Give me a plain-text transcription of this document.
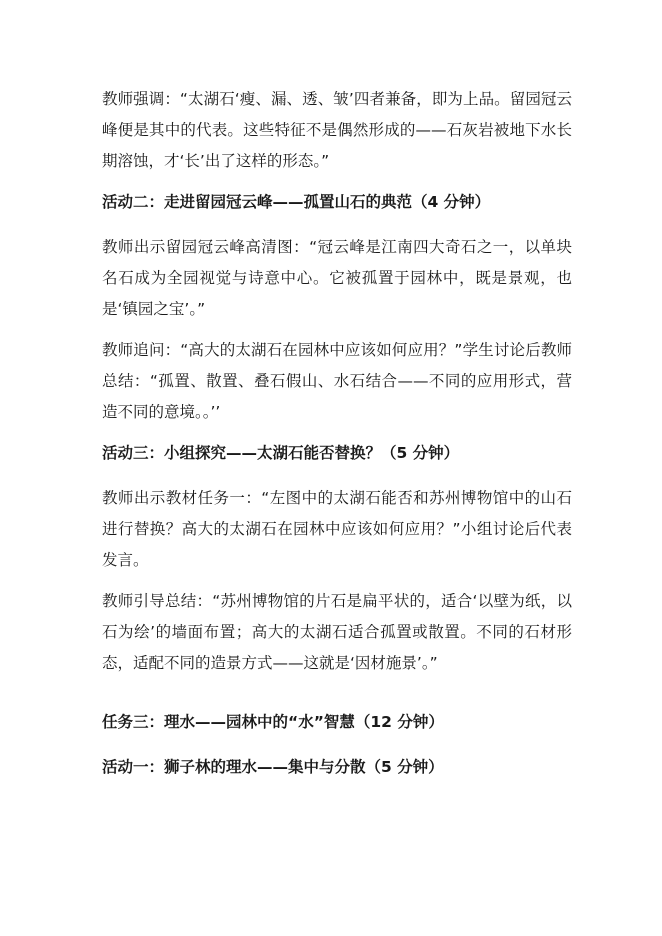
教师强调：“太湖石‘瘦、漏、透、皱’四者兼备，即为上品。留园冠云峰便是其中的代表。这些特征不是偶然形成的——石灰岩被地下水长期溶蚀，才‘长’出了这样的形态。”

活动二：走进留园冠云峰——孤置山石的典范（4 分钟）

教师出示留园冠云峰高清图：“冠云峰是江南四大奇石之一，以单块名石成为全园视觉与诗意中心。它被孤置于园林中，既是景观，也是‘镇园之宝’。”

教师追问：“高大的太湖石在园林中应该如何应用？”学生讨论后教师总结：“孤置、散置、叠石假山、水石结合——不同的应用形式，营造不同的意境。。’’

活动三：小组探究——太湖石能否替换？（5 分钟）

教师出示教材任务一：“左图中的太湖石能否和苏州博物馆中的山石进行替换？高大的太湖石在园林中应该如何应用？”小组讨论后代表发言。

教师引导总结：“苏州博物馆的片石是扁平状的，适合‘以壁为纸，以石为绘’的墙面布置；高大的太湖石适合孤置或散置。不同的石材形态，适配不同的造景方式——这就是‘因材施景’。”

任务三：理水——园林中的“水”智慧（12 分钟）

活动一：狮子林的理水——集中与分散（5 分钟）
